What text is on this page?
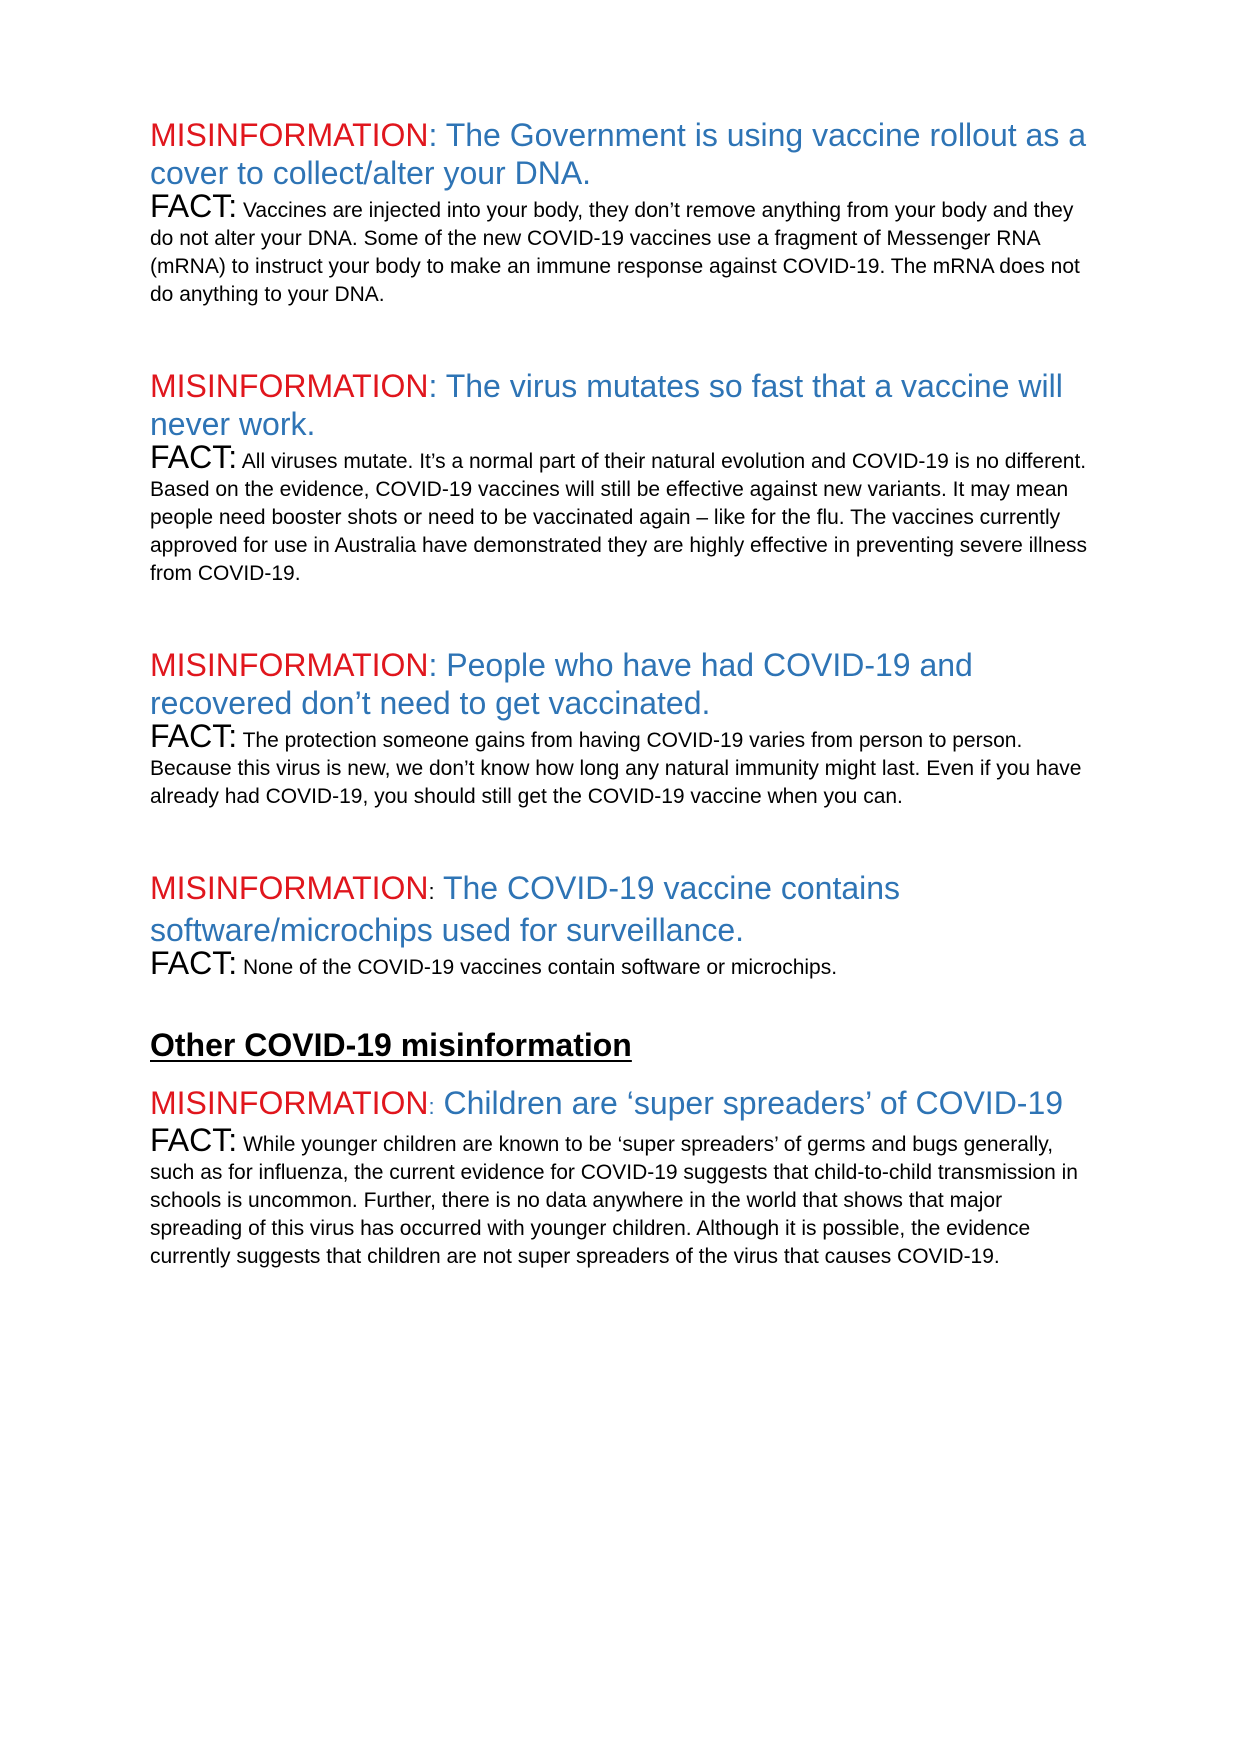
MISINFORMATION: The Government is using vaccine rollout as a cover to collect/alter your DNA.

FACT: Vaccines are injected into your body, they don’t remove anything from your body and they do not alter your DNA. Some of the new COVID-19 vaccines use a fragment of Messenger RNA (mRNA) to instruct your body to make an immune response against COVID-19. The mRNA does not do anything to your DNA.

MISINFORMATION: The virus mutates so fast that a vaccine will never work.

FACT: All viruses mutate. It’s a normal part of their natural evolution and COVID-19 is no different. Based on the evidence, COVID-19 vaccines will still be effective against new variants. It may mean people need booster shots or need to be vaccinated again – like for the flu. The vaccines currently approved for use in Australia have demonstrated they are highly effective in preventing severe illness from COVID-19.

MISINFORMATION: People who have had COVID-19 and recovered don’t need to get vaccinated.

FACT: The protection someone gains from having COVID-19 varies from person to person. Because this virus is new, we don’t know how long any natural immunity might last. Even if you have already had COVID-19, you should still get the COVID-19 vaccine when you can.

MISINFORMATION: The COVID-19 vaccine contains software/microchips used for surveillance.

FACT: None of the COVID-19 vaccines contain software or microchips.

Other COVID-19 misinformation

MISINFORMATION: Children are ‘super spreaders’ of COVID-19

FACT: While younger children are known to be ‘super spreaders’ of germs and bugs generally, such as for influenza, the current evidence for COVID-19 suggests that child-to-child transmission in schools is uncommon. Further, there is no data anywhere in the world that shows that major spreading of this virus has occurred with younger children. Although it is possible, the evidence currently suggests that children are not super spreaders of the virus that causes COVID-19.
